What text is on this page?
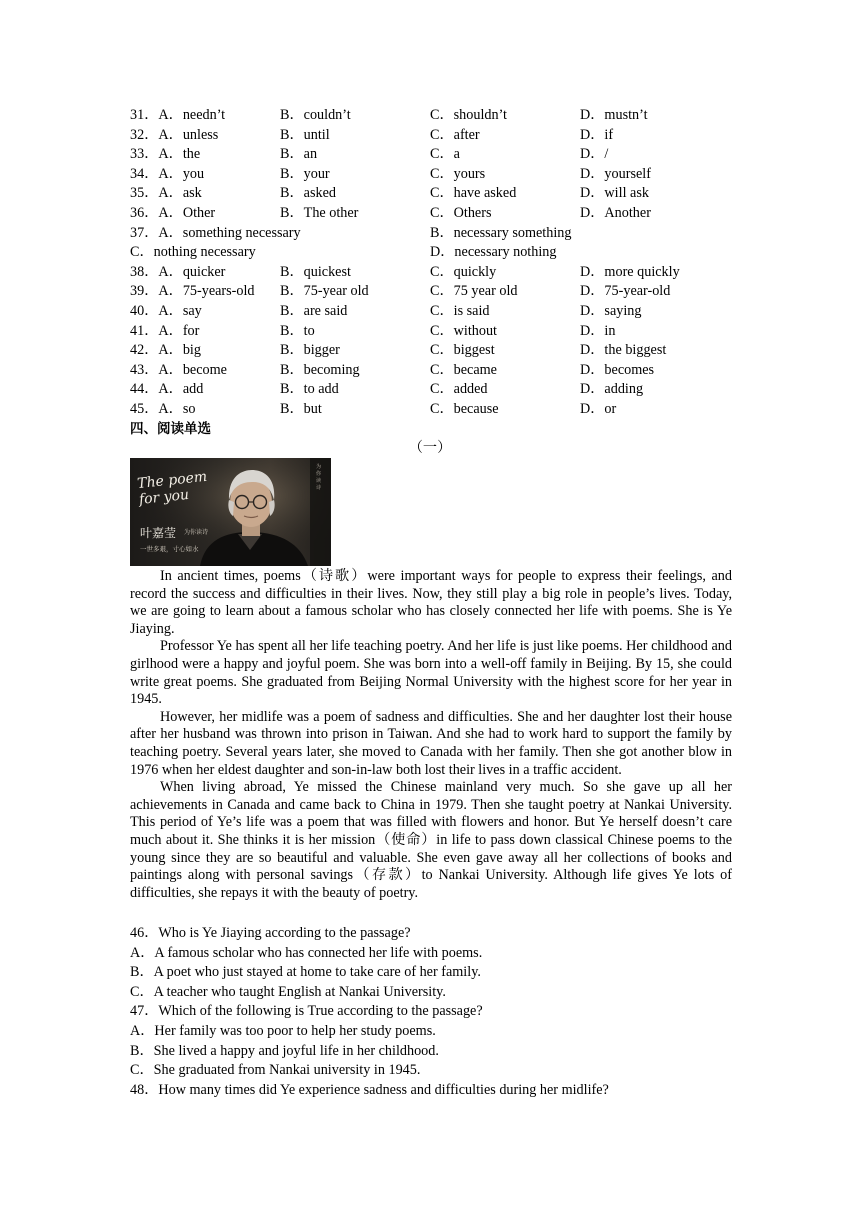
31．A．needn’t	B．couldn’t	C．shouldn’t	D．mustn’t
32．A．unless	B．until	C．after	D．if
33．A．the	B．an	C．a	D．/
34．A．you	B．your	C．yours	D．yourself
35．A．ask	B．asked	C．have asked	D．will ask
36．A．Other	B．The other	C．Others	D．Another
37．A．something necessary	B．necessary something
C．nothing necessary	D．necessary nothing
38．A．quicker	B．quickest	C．quickly	D．more quickly
39．A．75-years-old B．75-year old	C．75 year old	D．75-year-old
40．A．say	B．are said	C．is said	D．saying
41．A．for	B．to	C．without	D．in
42．A．big	B．bigger	C．biggest	D．the biggest
43．A．become	B．becoming	C．became	D．becomes
44．A．add	B．to add	C．added	D．adding
45．A．so	B．but	C．because	D．or
四、阅读单选
（一）
The poem for you
叶嘉莹 为你读诗
一世多艰，寸心如水
为你读诗

In ancient times, poems（诗歌）were important ways for people to express their feelings, and record the success and difficulties in their lives. Now, they still play a big role in people’s lives. Today, we are going to learn about a famous scholar who has closely connected her life with poems. She is Ye Jiaying.

Professor Ye has spent all her life teaching poetry. And her life is just like poems. Her childhood and girlhood were a happy and joyful poem. She was born into a well-off family in Beijing. By 15, she could write great poems. She graduated from Beijing Normal University with the highest score for her year in 1945.

However, her midlife was a poem of sadness and difficulties. She and her daughter lost their house after her husband was thrown into prison in Taiwan. And she had to work hard to support the family by teaching poetry. Several years later, she moved to Canada with her family. Then she got another blow in 1976 when her eldest daughter and son-in-law both lost their lives in a traffic accident.

When living abroad, Ye missed the Chinese mainland very much. So she gave up all her achievements in Canada and came back to China in 1979. Then she taught poetry at Nankai University. This period of Ye’s life was a poem that was filled with flowers and honor. But Ye herself doesn’t care much about it. She thinks it is her mission（使命）in life to pass down classical Chinese poems to the young since they are so beautiful and valuable. She even gave away all her collections of books and paintings along with personal savings（存款）to Nankai University. Although life gives Ye lots of difficulties, she repays it with the beauty of poetry.

46．Who is Ye Jiaying according to the passage?
A．A famous scholar who has connected her life with poems.
B．A poet who just stayed at home to take care of her family.
C．A teacher who taught English at Nankai University.
47．Which of the following is True according to the passage?
A．Her family was too poor to help her study poems.
B．She lived a happy and joyful life in her childhood.
C．She graduated from Nankai university in 1945.
48．How many times did Ye experience sadness and difficulties during her midlife?
